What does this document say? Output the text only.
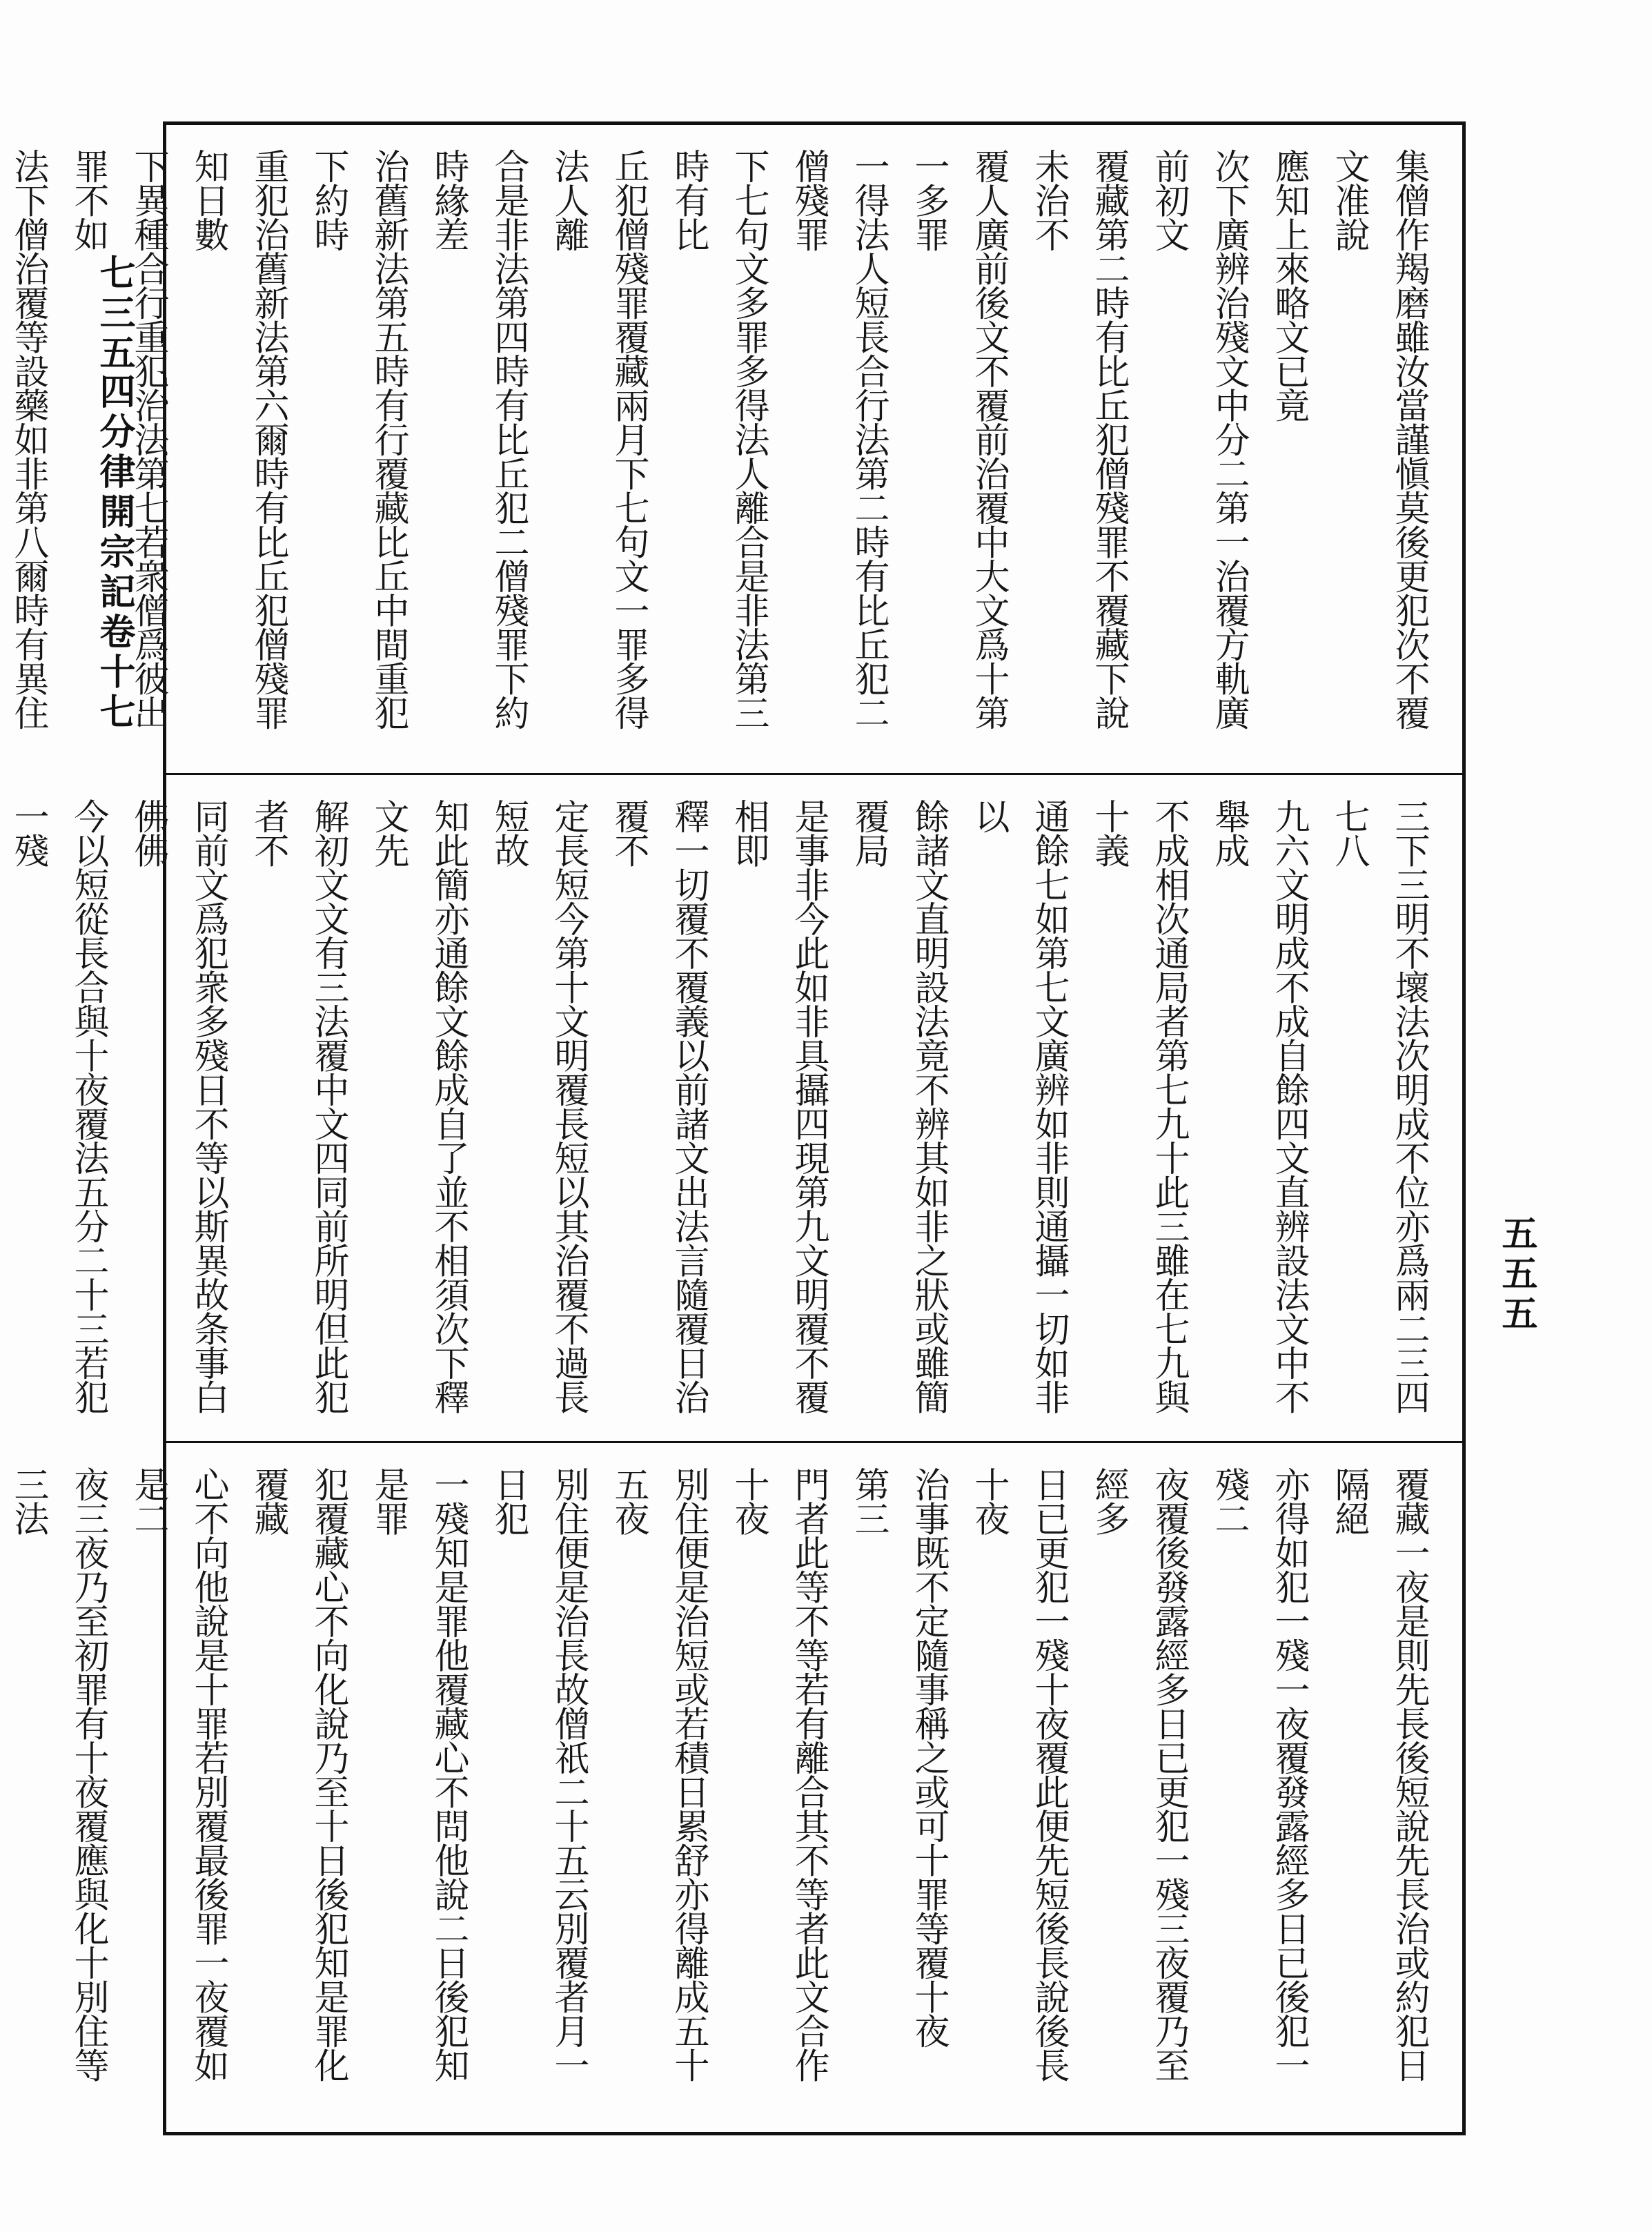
七三五
四分律開宗記卷十七
五五五

集僧作羯磨雖汝當謹愼莫後更犯次不覆文准說

應知上來略文已竟

次下廣辨治殘文中分二第一治覆方軌廣前初文

覆藏第二時有比丘犯僧殘罪不覆藏下說未治不

覆人廣前後文不覆前治覆中大文爲十第一多罪

一得法人短長合行法第二時有比丘犯二僧殘罪

下七句文多罪多得法人離合是非法第三時有比

丘犯僧殘罪覆藏兩月下七句文一罪多得法人離

合是非法第四時有比丘犯二僧殘罪下約時緣差

治舊新法第五時有行覆藏比丘中間重犯下約時

重犯治舊新法第六爾時有比丘犯僧殘罪知日數

下異種合行重犯治法第七若衆僧爲彼出罪不如

法下僧治覆等設藥如非第八爾時有異住

三下三明不壞法次明成不位亦爲兩二三四七八

九六文明成不成自餘四文直辨設法文中不舉成

不成相次通局者第七九十此三雖在七九與十義

通餘七如第七文廣辨如非則通攝一切如非以

餘諸文直明設法竟不辨其如非之狀或雖簡覆局

是事非今此如非具攝四現第九文明覆不覆相即

釋一切覆不覆義以前諸文出法言隨覆日治覆不

定長短今第十文明覆長短以其治覆不過長短故

知此簡亦通餘文餘成自了並不相須次下釋文先

解初文文有三法覆中文四同前所明但此犯者不

同前文爲犯衆多殘日不等以斯異故条事白佛佛

今以短從長合與十夜覆法五分二十三若犯一殘

覆藏一夜是則先長後短說先長治或約犯日隔絕

亦得如犯一殘一夜覆發露經多日已後犯一殘二

夜覆後發露經多日已更犯一殘三夜覆乃至經多

日已更犯一殘十夜覆此便先短後長說後長十夜

治事既不定隨事稱之或可十罪等覆十夜　第三

門者此等不等若有離合其不等者此文合作十夜

別住便是治短或若積日累舒亦得離成五十五夜

別住便是治長故僧祇二十五云別覆者月一日犯

一殘知是罪他覆藏心不問他說二日後犯知是罪

犯覆藏心不向化說乃至十日後犯知是罪化覆藏

心不向他說是十罪若別覆最後罪一夜覆如是二

夜三夜乃至初罪有十夜覆應與化十別住等三法
